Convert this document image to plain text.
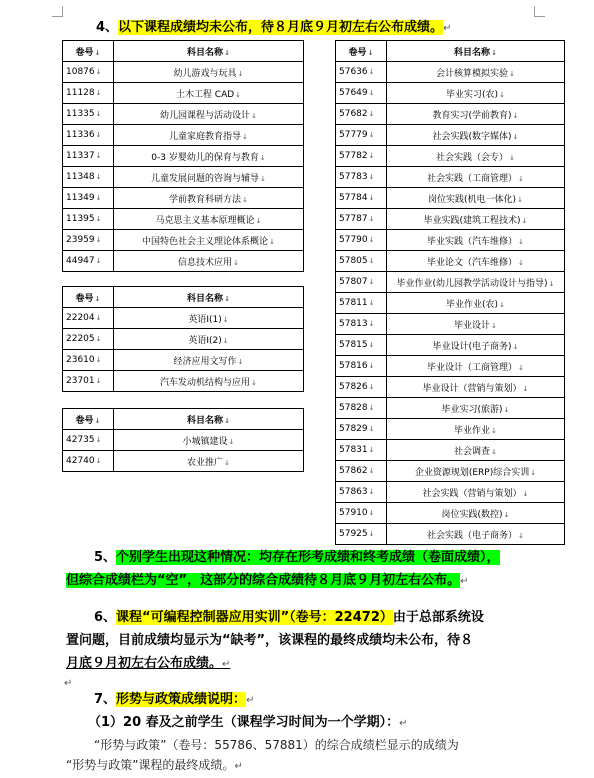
4、以下课程成绩均未公布，待８月底９月初左右公布成绩。↵
卷号↓	科目名称↓
10876↓	幼儿游戏与玩具↓
11128↓	土木工程 CAD↓
11335↓	幼儿园课程与活动设计↓
11336↓	儿童家庭教育指导↓
11337↓	0-3 岁婴幼儿的保育与教育↓
11348↓	儿童发展问题的咨询与辅导↓
11349↓	学前教育科研方法↓
11395↓	马克思主义基本原理概论↓
23959↓	中国特色社会主义理论体系概论↓
44947↓	信息技术应用↓
卷号↓	科目名称↓
22204↓	英语Ⅰ(1)↓
22205↓	英语Ⅰ(2)↓
23610↓	经济应用文写作↓
23701↓	汽车发动机结构与应用↓
卷号↓	科目名称↓
42735↓	小城镇建设↓
42740↓	农业推广↓
卷号↓	科目名称↓
57636↓	会计核算模拟实验↓
57649↓	毕业实习(农)↓
57682↓	教育实习(学前教育)↓
57779↓	社会实践(数字媒体)↓
57782↓	社会实践（会专）↓
57783↓	社会实践（工商管理）↓
57784↓	岗位实践(机电一体化)↓
57787↓	毕业实践(建筑工程技术)↓
57790↓	毕业实践（汽车维修）↓
57805↓	毕业论文（汽车维修）↓
57807↓	毕业作业(幼儿园教学活动设计与指导)↓
57811↓	毕业作业(农)↓
57813↓	毕业设计↓
57815↓	毕业设计(电子商务)↓
57816↓	毕业设计（工商管理）↓
57826↓	毕业设计（营销与策划）↓
57828↓	毕业实习(旅游)↓
57829↓	毕业作业↓
57831↓	社会调查↓
57862↓	企业资源规划(ERP)综合实训↓
57863↓	社会实践（营销与策划）↓
57910↓	岗位实践(数控)↓
57925↓	社会实践（电子商务）↓
5、个别学生出现这种情况：均存在形考成绩和终考成绩（卷面成绩），
但综合成绩栏为“空”，这部分的综合成绩待８月底９月初左右公布。↵
6、课程“可编程控制器应用实训”（卷号：22472）由于总部系统设
置问题，目前成绩均显示为“缺考”，该课程的最终成绩均未公布，待８
月底９月初左右公布成绩。↵
↵
7、形势与政策成绩说明：↵
（1）20 春及之前学生（课程学习时间为一个学期）：↵
“形势与政策”（卷号：55786、57881）的综合成绩栏显示的成绩为
“形势与政策”课程的最终成绩。↵
